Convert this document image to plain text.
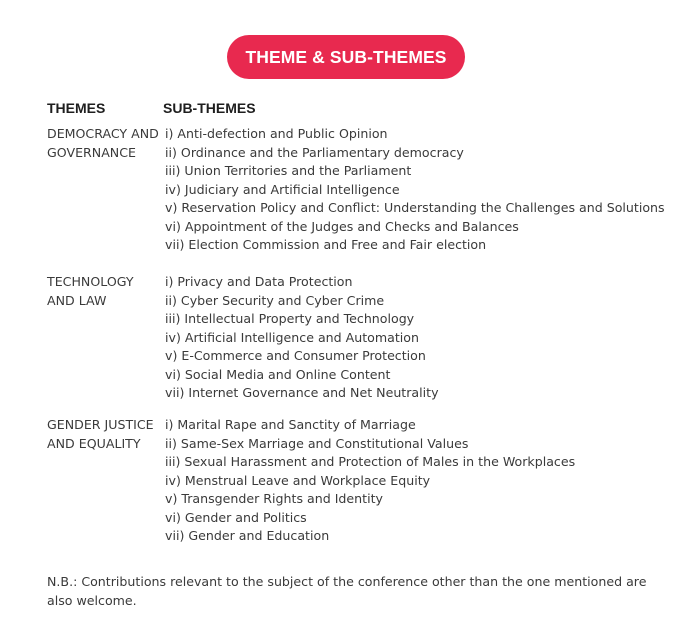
THEME & SUB-THEMES
THEMES	SUB-THEMES
DEMOCRACY AND
GOVERNANCE
i) Anti-defection and Public Opinion
ii) Ordinance and the Parliamentary democracy
iii) Union Territories and the Parliament
iv) Judiciary and Artificial Intelligence
v) Reservation Policy and Conflict: Understanding the Challenges and Solutions
vi) Appointment of the Judges and Checks and Balances
vii) Election Commission and Free and Fair election
TECHNOLOGY
AND LAW
i) Privacy and Data Protection
ii) Cyber Security and Cyber Crime
iii) Intellectual Property and Technology
iv) Artificial Intelligence and Automation
v) E-Commerce and Consumer Protection
vi) Social Media and Online Content
vii) Internet Governance and Net Neutrality
GENDER JUSTICE
AND EQUALITY
i) Marital Rape and Sanctity of Marriage
ii) Same-Sex Marriage and Constitutional Values
iii) Sexual Harassment and Protection of Males in the Workplaces
iv) Menstrual Leave and Workplace Equity
v) Transgender Rights and Identity
vi) Gender and Politics
vii) Gender and Education
N.B.: Contributions relevant to the subject of the conference other than the one mentioned are also welcome.
